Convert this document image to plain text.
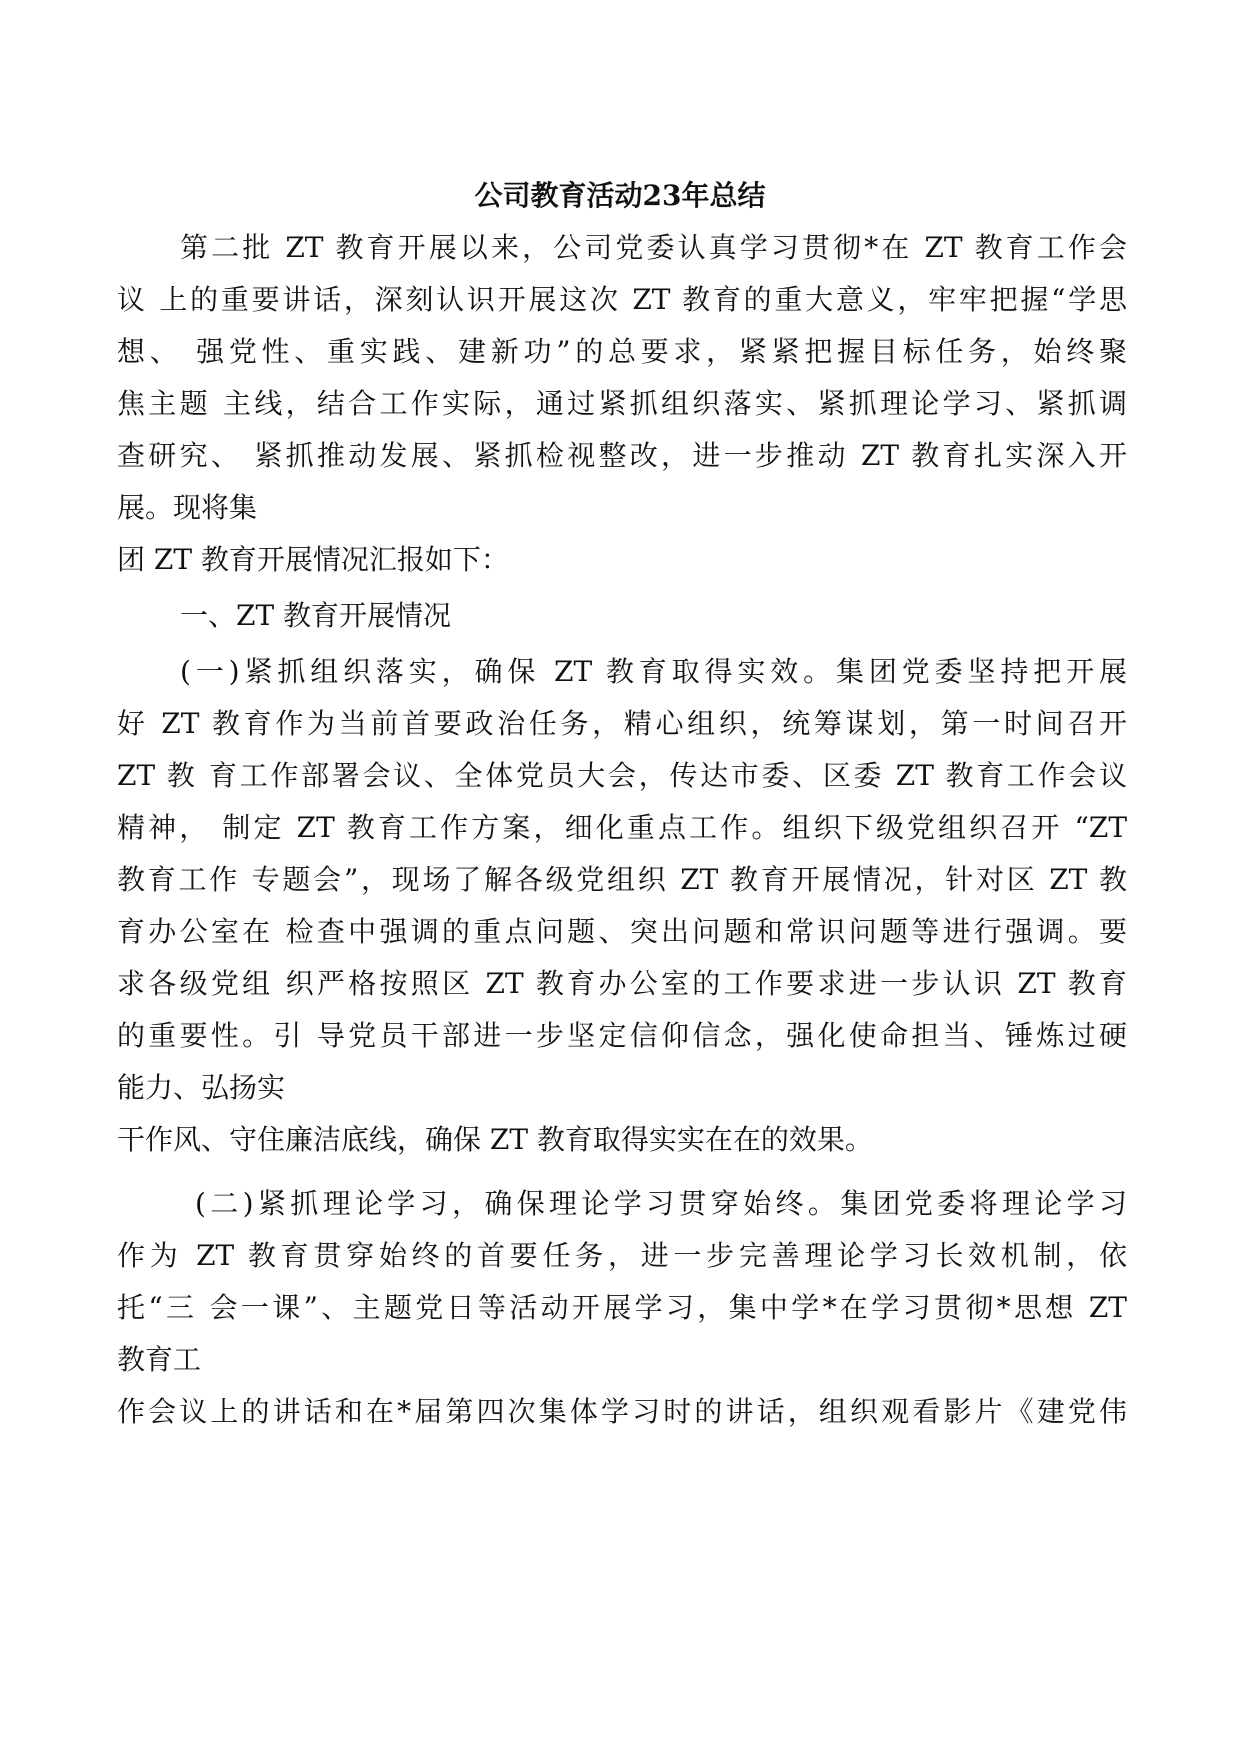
公司教育活动23年总结
第二批 ZT 教育开展以来，公司党委认真学习贯彻*在 ZT 教育工作会
议 上的重要讲话，深刻认识开展这次 ZT 教育的重大意义，牢牢把握“学思
想、 强党性、重实践、建新功”的总要求，紧紧把握目标任务，始终聚
焦主题 主线，结合工作实际，通过紧抓组织落实、紧抓理论学习、紧抓调
查研究、 紧抓推动发展、紧抓检视整改，进一步推动 ZT 教育扎实深入开
展。现将集
团 ZT 教育开展情况汇报如下：
一、ZT 教育开展情况
(一)紧抓组织落实，确保 ZT 教育取得实效。集团党委坚持把开展
好 ZT 教育作为当前首要政治任务，精心组织，统筹谋划，第一时间召开
ZT 教 育工作部署会议、全体党员大会，传达市委、区委 ZT 教育工作会议
精神， 制定 ZT 教育工作方案，细化重点工作。组织下级党组织召开 “ZT
教育工作 专题会”，现场了解各级党组织 ZT 教育开展情况，针对区 ZT 教
育办公室在 检查中强调的重点问题、突出问题和常识问题等进行强调。要
求各级党组 织严格按照区 ZT 教育办公室的工作要求进一步认识 ZT 教育
的重要性。引 导党员干部进一步坚定信仰信念，强化使命担当、锤炼过硬
能力、弘扬实
干作风、守住廉洁底线，确保 ZT 教育取得实实在在的效果。
(二)紧抓理论学习，确保理论学习贯穿始终。集团党委将理论学习
作为 ZT 教育贯穿始终的首要任务，进一步完善理论学习长效机制，依
托“三 会一课”、主题党日等活动开展学习，集中学*在学习贯彻*思想 ZT
教育工
作会议上的讲话和在*届第四次集体学习时的讲话，组织观看影片《建党伟
